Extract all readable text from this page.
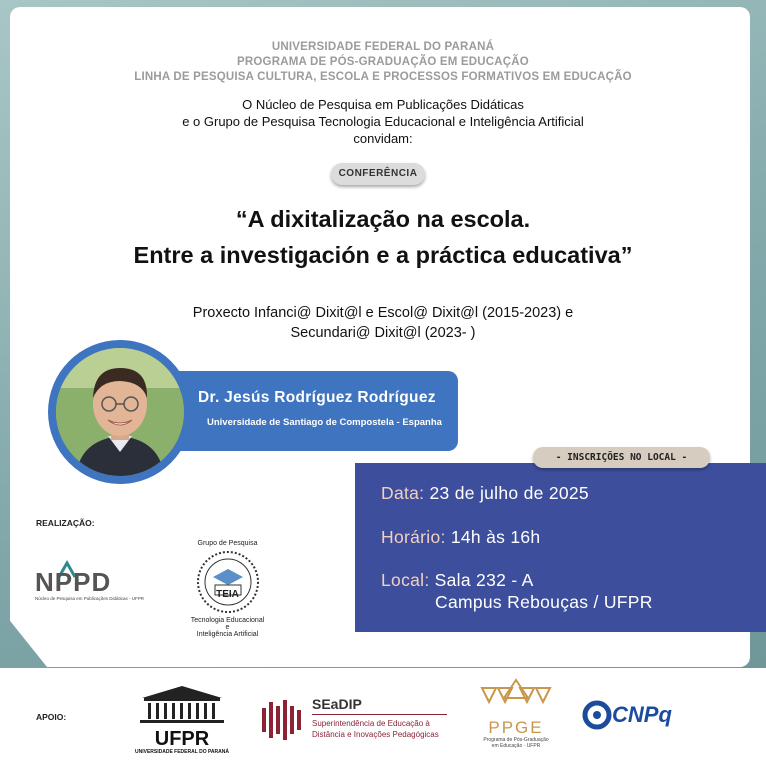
UNIVERSIDADE FEDERAL DO PARANÁ
PROGRAMA DE PÓS-GRADUAÇÃO EM EDUCAÇÃO
LINHA DE PESQUISA CULTURA, ESCOLA E PROCESSOS FORMATIVOS EM EDUCAÇÃO
O Núcleo de Pesquisa em Publicações Didáticas
e o Grupo de Pesquisa Tecnologia Educacional e Inteligência Artificial
convidam:
CONFERÊNCIA
“A dixitalização na escola.
Entre a investigación e a práctica educativa”
Proxecto Infanci@ Dixit@l e Escol@ Dixit@l (2015-2023) e
Secundari@ Dixit@l (2023- )
Dr. Jesús Rodríguez Rodríguez
Universidade de Santiago de Compostela - Espanha
- INSCRIÇÕES NO LOCAL -
Data: 23 de julho de 2025
Horário: 14h às 16h
Local: Sala 232 - A
Campus Rebouças / UFPR
REALIZAÇÃO:
NPPD
Núcleo de Pesquisa em Publicações Didáticas - UFPR
Grupo de Pesquisa
TEIA
Tecnologia Educacional e
Inteligência Artificial
APOIO:
UFPR
UNIVERSIDADE FEDERAL DO PARANÁ
SEaDIP
Superintendência de Educação à
Distância e Inovações Pedagógicas	PPGE
Programa de Pós-Graduação
em Educação · UFPR
CNPq
